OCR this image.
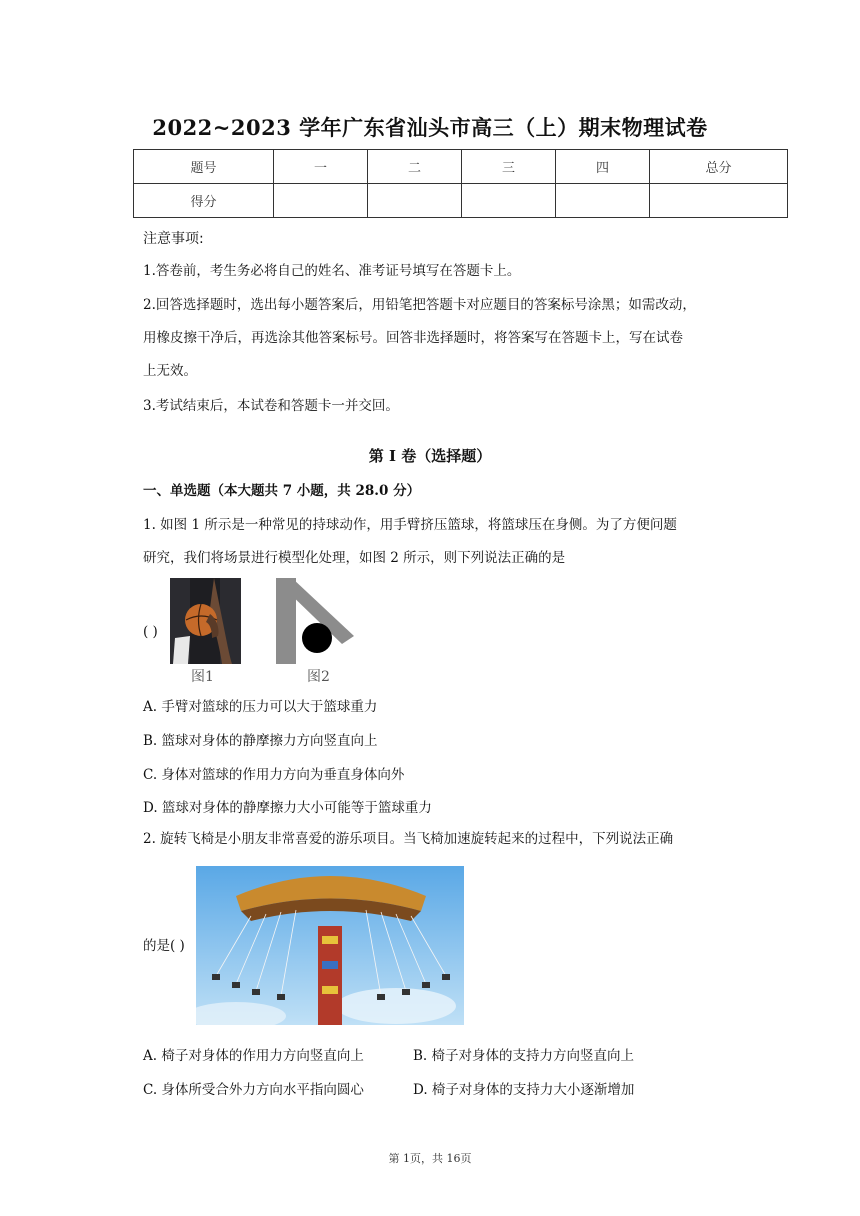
2022~2023 学年广东省汕头市高三（上）期末物理试卷
题号	一	二	三	四	总分
得分					
注意事项:
1.答卷前，考生务必将自己的姓名、准考证号填写在答题卡上。
2.回答选择题时，选出每小题答案后，用铅笔把答题卡对应题目的答案标号涂黑；如需改动，
用橡皮擦干净后，再选涂其他答案标号。回答非选择题时，将答案写在答题卡上，写在试卷
上无效。
3.考试结束后，本试卷和答题卡一并交回。
第 I 卷（选择题）
一、单选题（本大题共 7 小题，共 28.0 分）
1. 如图 1 所示是一种常见的持球动作，用手臂挤压篮球，将篮球压在身侧。为了方便问题
研究，我们将场景进行模型化处理，如图 2 所示，则下列说法正确的是
( )
图1	图2
A. 手臂对篮球的压力可以大于篮球重力
B. 篮球对身体的静摩擦力方向竖直向上
C. 身体对篮球的作用力方向为垂直身体向外
D. 篮球对身体的静摩擦力大小可能等于篮球重力
2. 旋转飞椅是小朋友非常喜爱的游乐项目。当飞椅加速旋转起来的过程中，下列说法正确
的是( )
A. 椅子对身体的作用力方向竖直向上	B. 椅子对身体的支持力方向竖直向上
C. 身体所受合外力方向水平指向圆心	D. 椅子对身体的支持力大小逐渐增加
第 1页，共 16页
